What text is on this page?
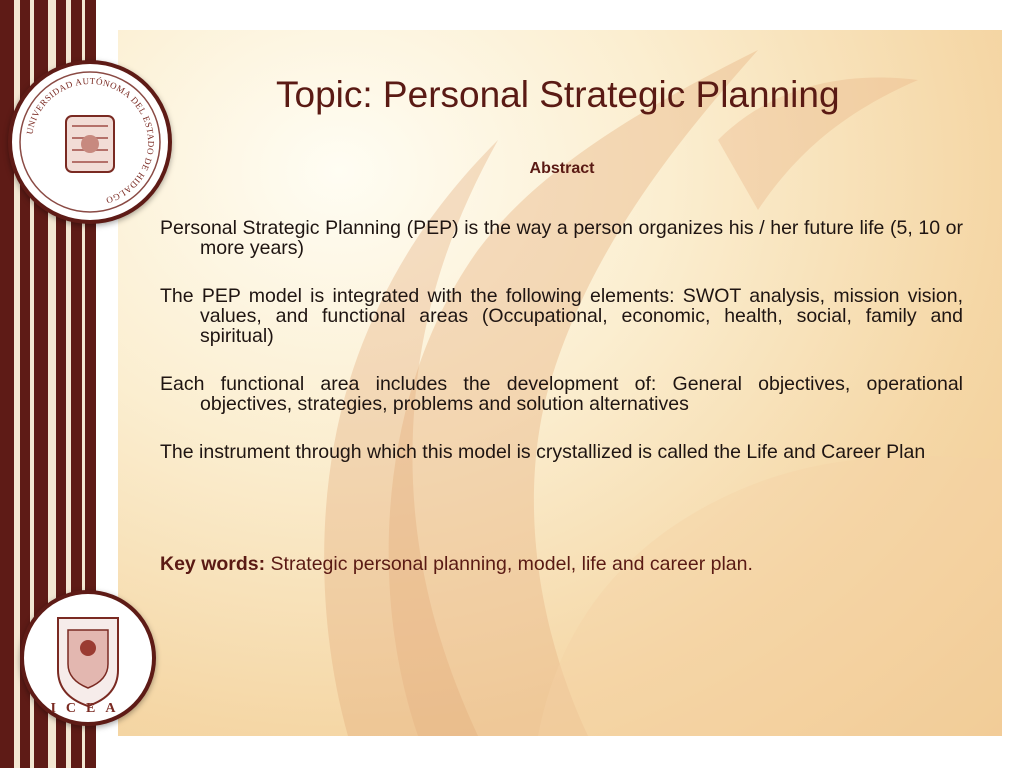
UNIVERSIDAD AUTÓNOMA DEL ESTADO DE HIDALGO
ICEA
Topic: Personal Strategic Planning
Abstract
Personal Strategic Planning (PEP) is the way a person organizes his / her future life (5, 10 or more years)
The PEP model is integrated with the following elements: SWOT analysis, mission vision, values, and functional areas (Occupational, economic, health, social, family and spiritual)
Each functional area includes the development of: General objectives, operational objectives, strategies, problems and solution alternatives
The instrument through which this model is crystallized is called the Life and Career Plan
Key words: Strategic personal planning, model, life and career plan.
